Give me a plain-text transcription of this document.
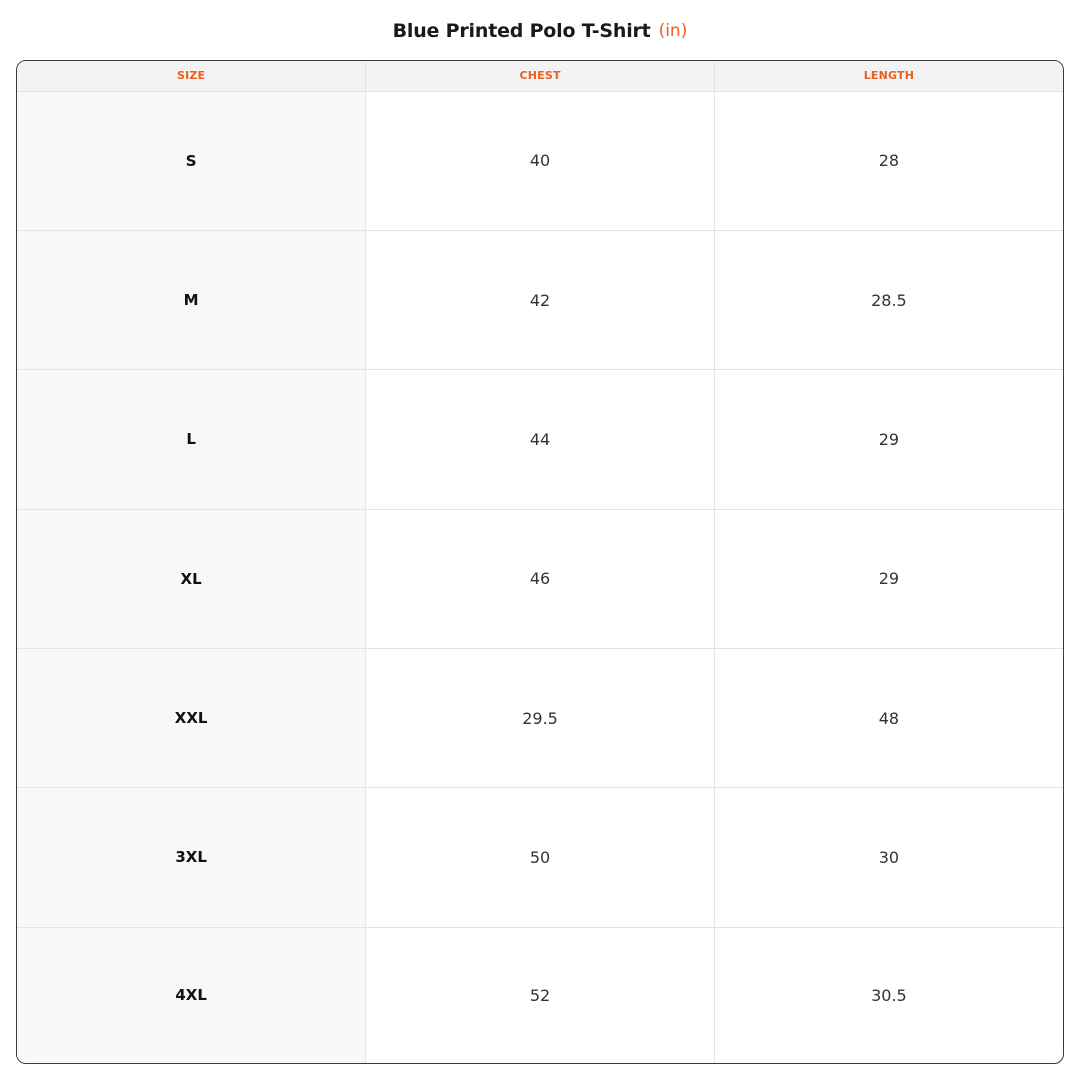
Blue Printed Polo T-Shirt (in)
SIZE	CHEST	LENGTH
S	40	28
M	42	28.5
L	44	29
XL	46	29
XXL	29.5	48
3XL	50	30
4XL	52	30.5
